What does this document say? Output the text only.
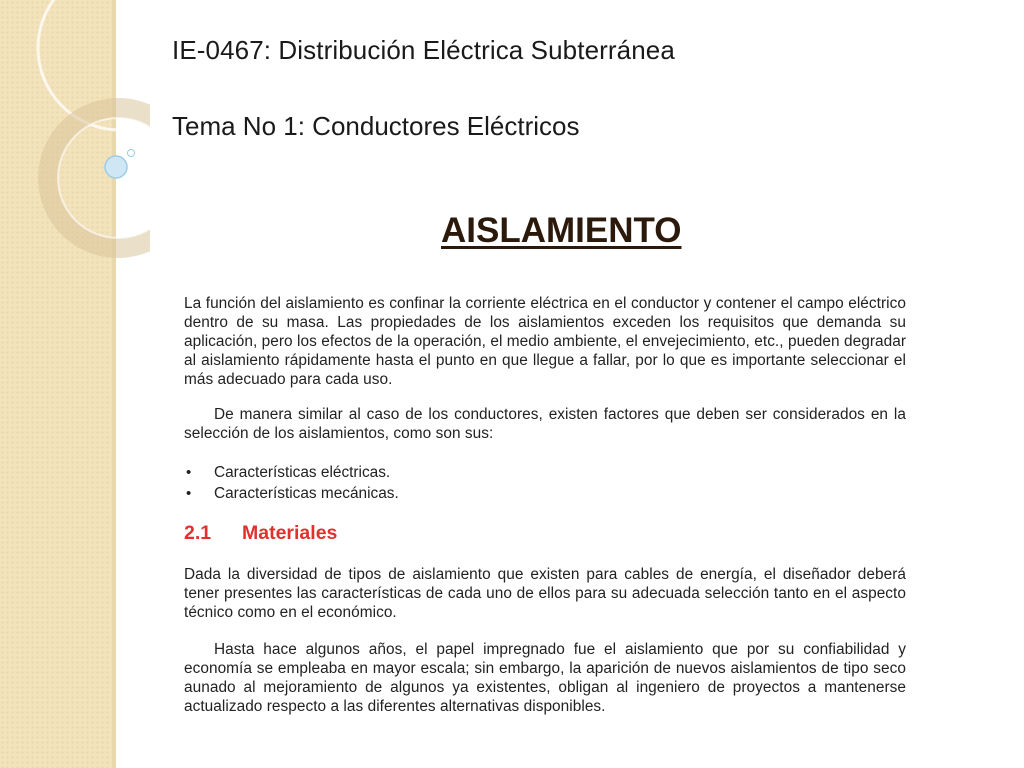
IE-0467: Distribución Eléctrica Subterránea
Tema No 1: Conductores Eléctricos
AISLAMIENTO
La función del aislamiento es confinar la corriente eléctrica en el conductor y contener el campo eléctrico dentro de su masa. Las propiedades de los aislamientos exceden los requisitos que demanda su aplicación, pero los efectos de la operación, el medio ambiente, el envejecimiento, etc., pueden degradar al aislamiento rápidamente hasta el punto en que llegue a fallar, por lo que es importante seleccionar el más adecuado para cada uso.
De manera similar al caso de los conductores, existen factores que deben ser considerados en la selección de los aislamientos, como son sus:
• Características eléctricas.
• Características mecánicas.
2.1 Materiales
Dada la diversidad de tipos de aislamiento que existen para cables de energía, el diseñador deberá tener presentes las características de cada uno de ellos para su adecuada selección tanto en el aspecto técnico como en el económico.
Hasta hace algunos años, el papel impregnado fue el aislamiento que por su confiabilidad y economía se empleaba en mayor escala; sin embargo, la aparición de nuevos aislamientos de tipo seco aunado al mejoramiento de algunos ya existentes, obligan al ingeniero de proyectos a mantenerse actualizado respecto a las diferentes alternativas disponibles.
